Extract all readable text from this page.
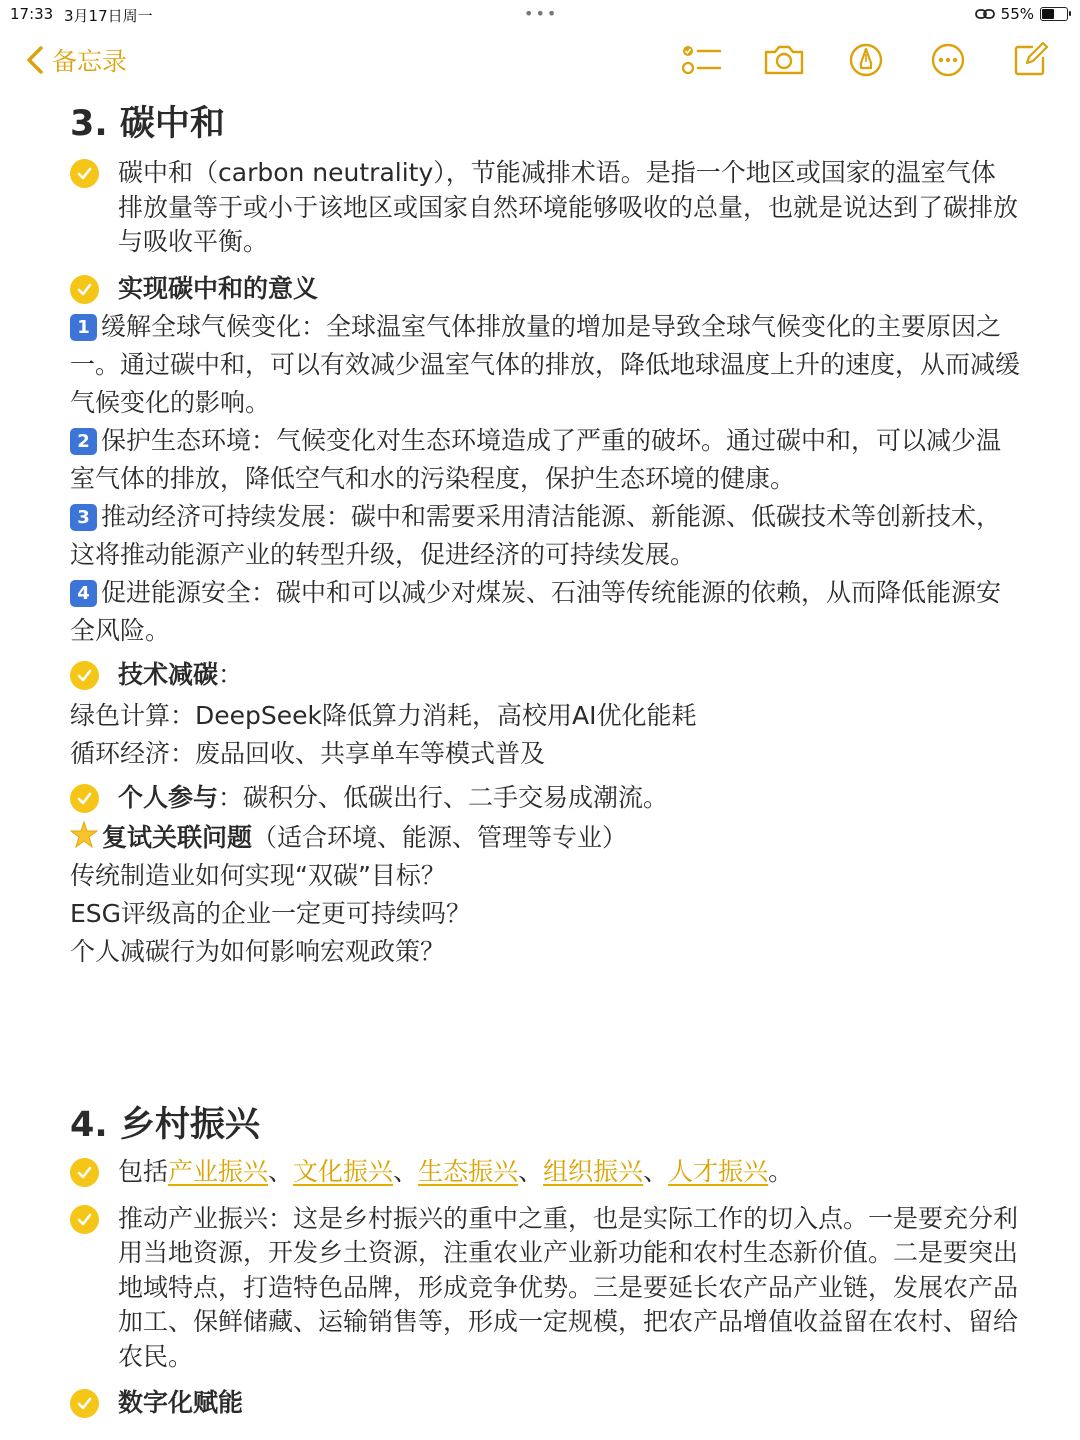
17:33 3月17日周一	•••	55%
备忘录
3. 碳中和
碳中和（carbon neutrality），节能减排术语。是指一个地区或国家的温室气体排放量等于或小于该地区或国家自然环境能够吸收的总量，也就是说达到了碳排放与吸收平衡。
实现碳中和的意义
1 缓解全球气候变化：全球温室气体排放量的增加是导致全球气候变化的主要原因之一。通过碳中和，可以有效减少温室气体的排放，降低地球温度上升的速度，从而减缓气候变化的影响。
2 保护生态环境：气候变化对生态环境造成了严重的破坏。通过碳中和，可以减少温室气体的排放，降低空气和水的污染程度，保护生态环境的健康。
3 推动经济可持续发展：碳中和需要采用清洁能源、新能源、低碳技术等创新技术，这将推动能源产业的转型升级，促进经济的可持续发展。
4 促进能源安全：碳中和可以减少对煤炭、石油等传统能源的依赖，从而降低能源安全风险。
技术减碳：
绿色计算：DeepSeek降低算力消耗，高校用AI优化能耗
循环经济：废品回收、共享单车等模式普及
个人参与：碳积分、低碳出行、二手交易成潮流。
复试关联问题（适合环境、能源、管理等专业）
传统制造业如何实现“双碳”目标？
ESG评级高的企业一定更可持续吗？
个人减碳行为如何影响宏观政策？
4. 乡村振兴
包括产业振兴、文化振兴、生态振兴、组织振兴、人才振兴。
推动产业振兴：这是乡村振兴的重中之重，也是实际工作的切入点。一是要充分利用当地资源，开发乡土资源，注重农业产业新功能和农村生态新价值。二是要突出地域特点，打造特色品牌，形成竞争优势。三是要延长农产品产业链，发展农产品加工、保鲜储藏、运输销售等，形成一定规模，把农产品增值收益留在农村、留给农民。
数字化赋能
